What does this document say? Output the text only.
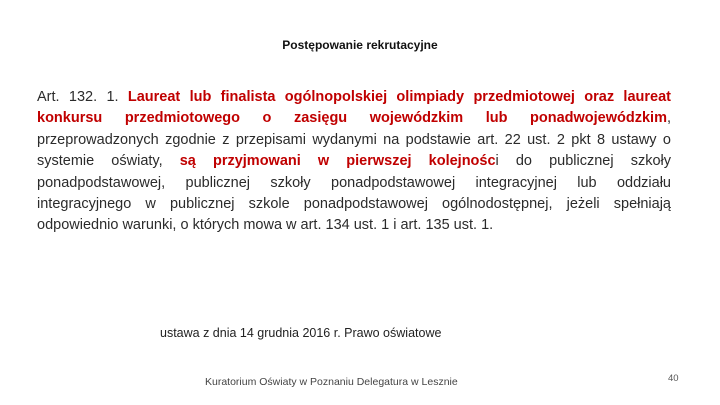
Postępowanie rekrutacyjne

Art. 132. 1. Laureat lub finalista ogólnopolskiej olimpiady przedmiotowej oraz laureat konkursu przedmiotowego o zasięgu wojewódzkim lub ponadwojewódzkim, przeprowadzonych zgodnie z przepisami wydanymi na podstawie art. 22 ust. 2 pkt 8 ustawy o systemie oświaty, są przyjmowani w pierwszej kolejności do publicznej szkoły ponadpodstawowej, publicznej szkoły ponadpodstawowej integracyjnej lub oddziału integracyjnego w publicznej szkole ponadpodstawowej ogólnodostępnej, jeżeli spełniają odpowiednio warunki, o których mowa w art. 134 ust. 1 i art. 135 ust. 1.

ustawa z dnia 14 grudnia 2016 r. Prawo oświatowe
Kuratorium Oświaty w Poznaniu Delegatura w Lesznie	40
